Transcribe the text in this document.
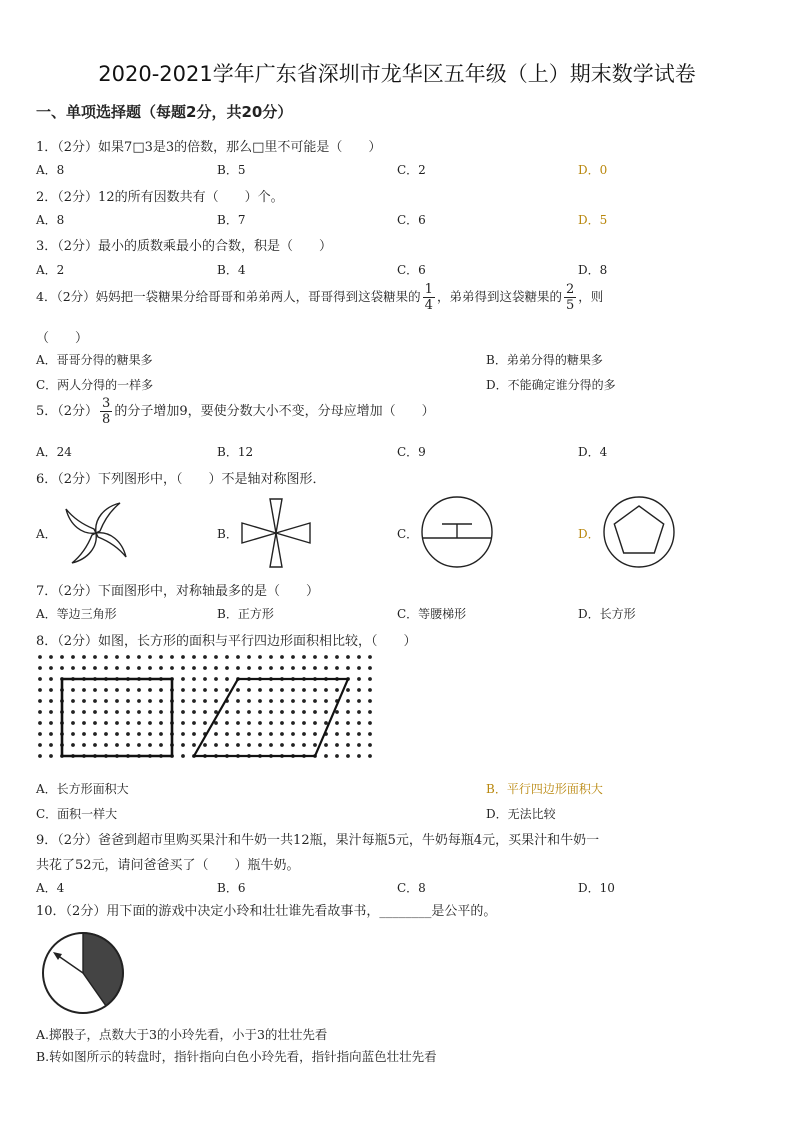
2020-2021学年广东省深圳市龙华区五年级（上）期末数学试卷
一、单项选择题（每题2分，共20分）
1．（2分）如果7□3是3的倍数，那么□里不可能是（　　）
A．8	B．5	C．2	D．0
2．（2分）12的所有因数共有（　　）个。
A．8	B．7	C．6	D．5
3．（2分）最小的质数乘最小的合数，积是（　　）
A．2	B．4	C．6	D．8
4．（2分）妈妈把一袋糖果分给哥哥和弟弟两人，哥哥得到这袋糖果的 $\frac{1}{4}$ ，弟弟得到这袋糖果的 $\frac{2}{5}$ ，则
（　　）
A．哥哥分得的糖果多	B．弟弟分得的糖果多
C．两人分得的一样多	D．不能确定谁分得的多
5．（2分） $\frac{3}{8}$ 的分子增加9，要使分数大小不变，分母应增加（　　）
A．24	B．12	C．9	D．4
6．（2分）下列图形中，（　　）不是轴对称图形．
A．	B．	C．	D．
7．（2分）下面图形中，对称轴最多的是（　　）
A．等边三角形	B．正方形	C．等腰梯形	D．长方形
8．（2分）如图，长方形的面积与平行四边形面积相比较，（　　）
A．长方形面积大	B．平行四边形面积大
C．面积一样大	D．无法比较
9．（2分）爸爸到超市里购买果汁和牛奶一共12瓶，果汁每瓶5元，牛奶每瓶4元，买果汁和牛奶一
共花了52元，请问爸爸买了（　　）瓶牛奶。
A．4	B．6	C．8	D．10
10．（2分）用下面的游戏中决定小玲和壮壮谁先看故事书，________是公平的。
A.掷骰子，点数大于3的小玲先看，小于3的壮壮先看
B.转如图所示的转盘时，指针指向白色小玲先看，指针指向蓝色壮壮先看
